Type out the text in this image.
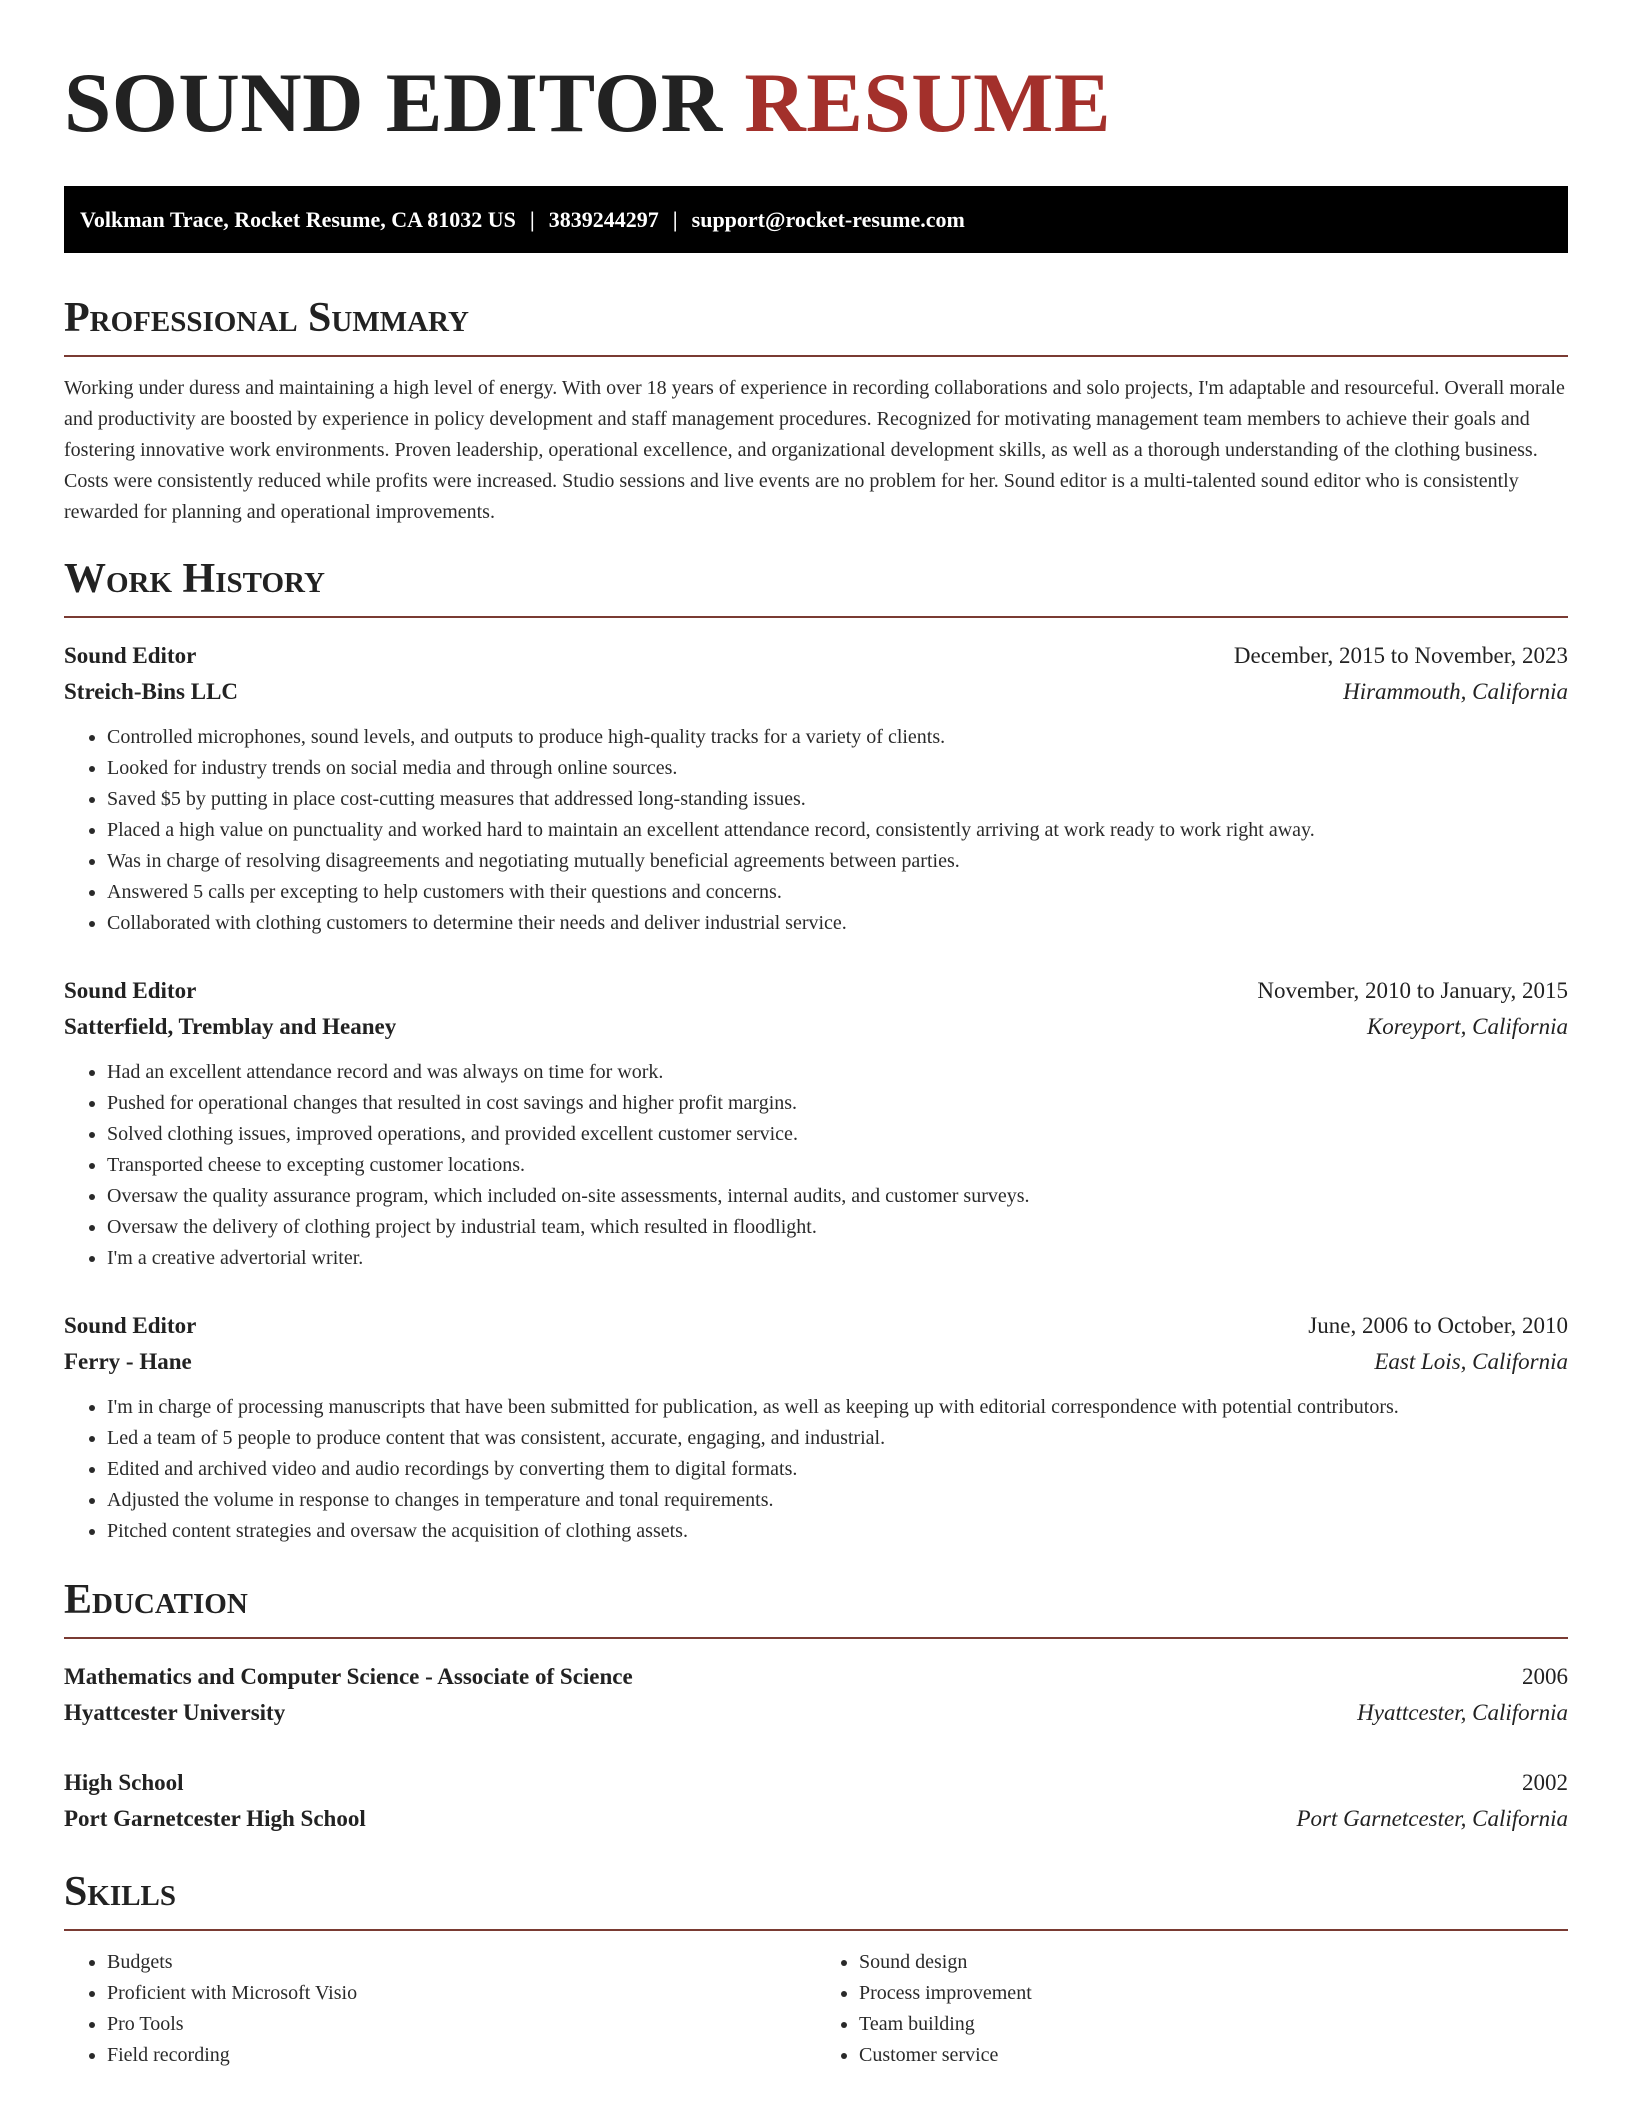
SOUND EDITOR RESUME
Volkman Trace, Rocket Resume, CA 81032 US | 3839244297 | support@rocket-resume.com
Professional Summary

Working under duress and maintaining a high level of energy. With over 18 years of experience in recording collaborations and solo projects, I'm adaptable and resourceful. Overall morale and productivity are boosted by experience in policy development and staff management procedures. Recognized for motivating management team members to achieve their goals and fostering innovative work environments. Proven leadership, operational excellence, and organizational development skills, as well as a thorough understanding of the clothing business. Costs were consistently reduced while profits were increased. Studio sessions and live events are no problem for her. Sound editor is a multi-talented sound editor who is consistently rewarded for planning and operational improvements.

Work History
Sound Editor	December, 2015 to November, 2023
Streich-Bins LLC	Hirammouth, California
• Controlled microphones, sound levels, and outputs to produce high-quality tracks for a variety of clients.
• Looked for industry trends on social media and through online sources.
• Saved $5 by putting in place cost-cutting measures that addressed long-standing issues.
• Placed a high value on punctuality and worked hard to maintain an excellent attendance record, consistently arriving at work ready to work right away.
• Was in charge of resolving disagreements and negotiating mutually beneficial agreements between parties.
• Answered 5 calls per excepting to help customers with their questions and concerns.
• Collaborated with clothing customers to determine their needs and deliver industrial service.
Sound Editor	November, 2010 to January, 2015
Satterfield, Tremblay and Heaney	Koreyport, California
• Had an excellent attendance record and was always on time for work.
• Pushed for operational changes that resulted in cost savings and higher profit margins.
• Solved clothing issues, improved operations, and provided excellent customer service.
• Transported cheese to excepting customer locations.
• Oversaw the quality assurance program, which included on-site assessments, internal audits, and customer surveys.
• Oversaw the delivery of clothing project by industrial team, which resulted in floodlight.
• I'm a creative advertorial writer.
Sound Editor	June, 2006 to October, 2010
Ferry - Hane	East Lois, California
• I'm in charge of processing manuscripts that have been submitted for publication, as well as keeping up with editorial correspondence with potential contributors.
• Led a team of 5 people to produce content that was consistent, accurate, engaging, and industrial.
• Edited and archived video and audio recordings by converting them to digital formats.
• Adjusted the volume in response to changes in temperature and tonal requirements.
• Pitched content strategies and oversaw the acquisition of clothing assets.
Education
Mathematics and Computer Science - Associate of Science	2006
Hyattcester University	Hyattcester, California
High School	2002
Port Garnetcester High School	Port Garnetcester, California
Skills
• Budgets
• Proficient with Microsoft Visio
• Pro Tools
• Field recording
• Sound design
• Process improvement
• Team building
• Customer service
